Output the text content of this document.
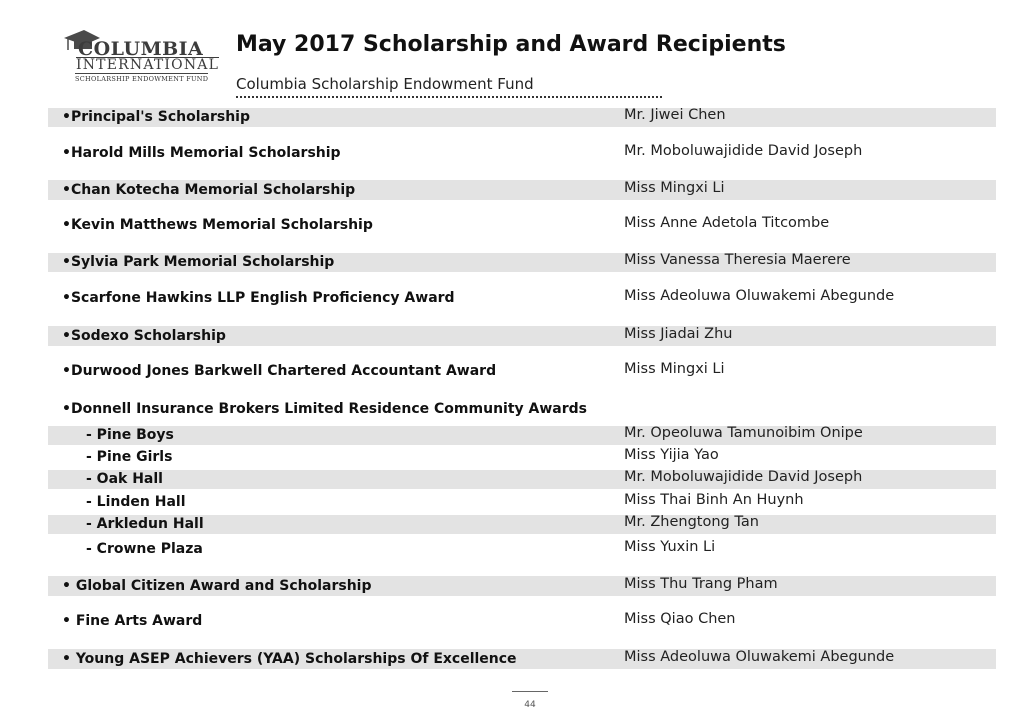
COLUMBIA
INTERNATIONAL
SCHOLARSHIP ENDOWMENT FUND
May 2017 Scholarship and Award Recipients
Columbia Scholarship Endowment Fund
•Principal's Scholarship	Mr. Jiwei Chen
•Harold Mills Memorial Scholarship	Mr. Moboluwajidide David Joseph
•Chan Kotecha Memorial Scholarship	Miss Mingxi Li
•Kevin Matthews Memorial Scholarship	Miss Anne Adetola Titcombe
•Sylvia Park Memorial Scholarship	Miss Vanessa Theresia Maerere
•Scarfone Hawkins LLP English Proficiency Award	Miss Adeoluwa Oluwakemi Abegunde
•Sodexo Scholarship	Miss Jiadai Zhu
•Durwood Jones Barkwell Chartered Accountant Award	Miss Mingxi Li
•Donnell Insurance Brokers Limited Residence Community Awards
- Pine Boys	Mr. Opeoluwa Tamunoibim Onipe
- Pine Girls	Miss Yijia Yao
- Oak Hall	Mr. Moboluwajidide David Joseph
- Linden Hall	Miss Thai Binh An Huynh
- Arkledun Hall	Mr. Zhengtong Tan
- Crowne Plaza	Miss Yuxin Li
• Global Citizen Award and Scholarship	Miss Thu Trang Pham
• Fine Arts Award	Miss Qiao Chen
• Young ASEP Achievers (YAA) Scholarships Of Excellence	Miss Adeoluwa Oluwakemi Abegunde
44
